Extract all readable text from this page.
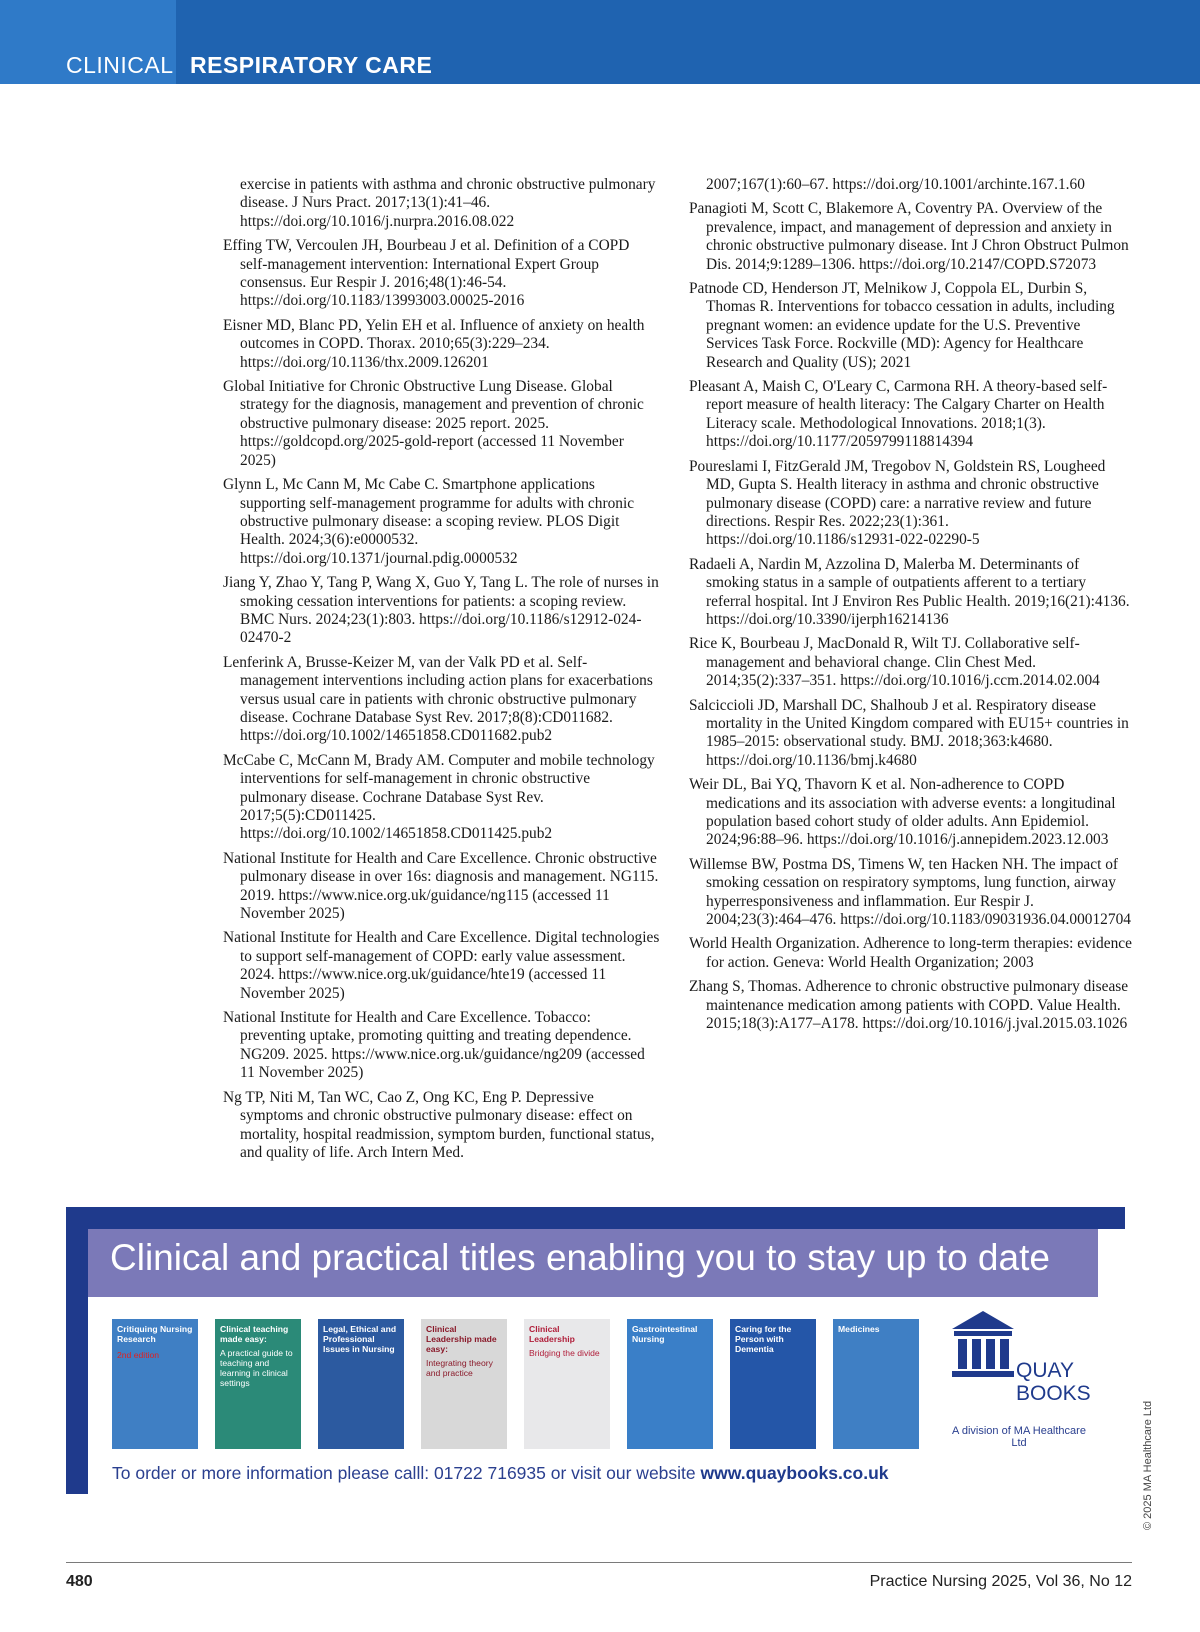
CLINICAL RESPIRATORY CARE
exercise in patients with asthma and chronic obstructive pulmonary disease. J Nurs Pract. 2017;13(1):41–46. https://doi.org/10.1016/j.nurpra.2016.08.022
Effing TW, Vercoulen JH, Bourbeau J et al. Definition of a COPD self-management intervention: International Expert Group consensus. Eur Respir J. 2016;48(1):46-54. https://doi.org/10.1183/13993003.00025-2016
Eisner MD, Blanc PD, Yelin EH et al. Influence of anxiety on health outcomes in COPD. Thorax. 2010;65(3):229–234. https://doi.org/10.1136/thx.2009.126201
Global Initiative for Chronic Obstructive Lung Disease. Global strategy for the diagnosis, management and prevention of chronic obstructive pulmonary disease: 2025 report. 2025. https://goldcopd.org/2025-gold-report (accessed 11 November 2025)
Glynn L, Mc Cann M, Mc Cabe C. Smartphone applications supporting self-management programme for adults with chronic obstructive pulmonary disease: a scoping review. PLOS Digit Health. 2024;3(6):e0000532. https://doi.org/10.1371/journal.pdig.0000532
Jiang Y, Zhao Y, Tang P, Wang X, Guo Y, Tang L. The role of nurses in smoking cessation interventions for patients: a scoping review. BMC Nurs. 2024;23(1):803. https://doi.org/10.1186/s12912-024-02470-2
Lenferink A, Brusse-Keizer M, van der Valk PD et al. Self-management interventions including action plans for exacerbations versus usual care in patients with chronic obstructive pulmonary disease. Cochrane Database Syst Rev. 2017;8(8):CD011682. https://doi.org/10.1002/14651858.CD011682.pub2
McCabe C, McCann M, Brady AM. Computer and mobile technology interventions for self-management in chronic obstructive pulmonary disease. Cochrane Database Syst Rev. 2017;5(5):CD011425. https://doi.org/10.1002/14651858.CD011425.pub2
National Institute for Health and Care Excellence. Chronic obstructive pulmonary disease in over 16s: diagnosis and management. NG115. 2019. https://www.nice.org.uk/guidance/ng115 (accessed 11 November 2025)
National Institute for Health and Care Excellence. Digital technologies to support self-management of COPD: early value assessment. 2024. https://www.nice.org.uk/guidance/hte19 (accessed 11 November 2025)
National Institute for Health and Care Excellence. Tobacco: preventing uptake, promoting quitting and treating dependence. NG209. 2025. https://www.nice.org.uk/guidance/ng209 (accessed 11 November 2025)
Ng TP, Niti M, Tan WC, Cao Z, Ong KC, Eng P. Depressive symptoms and chronic obstructive pulmonary disease: effect on mortality, hospital readmission, symptom burden, functional status, and quality of life. Arch Intern Med.
2007;167(1):60–67. https://doi.org/10.1001/archinte.167.1.60
Panagioti M, Scott C, Blakemore A, Coventry PA. Overview of the prevalence, impact, and management of depression and anxiety in chronic obstructive pulmonary disease. Int J Chron Obstruct Pulmon Dis. 2014;9:1289–1306. https://doi.org/10.2147/COPD.S72073
Patnode CD, Henderson JT, Melnikow J, Coppola EL, Durbin S, Thomas R. Interventions for tobacco cessation in adults, including pregnant women: an evidence update for the U.S. Preventive Services Task Force. Rockville (MD): Agency for Healthcare Research and Quality (US); 2021
Pleasant A, Maish C, O'Leary C, Carmona RH. A theory-based self-report measure of health literacy: The Calgary Charter on Health Literacy scale. Methodological Innovations. 2018;1(3). https://doi.org/10.1177/2059799118814394
Poureslami I, FitzGerald JM, Tregobov N, Goldstein RS, Lougheed MD, Gupta S. Health literacy in asthma and chronic obstructive pulmonary disease (COPD) care: a narrative review and future directions. Respir Res. 2022;23(1):361. https://doi.org/10.1186/s12931-022-02290-5
Radaeli A, Nardin M, Azzolina D, Malerba M. Determinants of smoking status in a sample of outpatients afferent to a tertiary referral hospital. Int J Environ Res Public Health. 2019;16(21):4136. https://doi.org/10.3390/ijerph16214136
Rice K, Bourbeau J, MacDonald R, Wilt TJ. Collaborative self-management and behavioral change. Clin Chest Med. 2014;35(2):337–351. https://doi.org/10.1016/j.ccm.2014.02.004
Salciccioli JD, Marshall DC, Shalhoub J et al. Respiratory disease mortality in the United Kingdom compared with EU15+ countries in 1985–2015: observational study. BMJ. 2018;363:k4680. https://doi.org/10.1136/bmj.k4680
Weir DL, Bai YQ, Thavorn K et al. Non-adherence to COPD medications and its association with adverse events: a longitudinal population based cohort study of older adults. Ann Epidemiol. 2024;96:88–96. https://doi.org/10.1016/j.annepidem.2023.12.003
Willemse BW, Postma DS, Timens W, ten Hacken NH. The impact of smoking cessation on respiratory symptoms, lung function, airway hyperresponsiveness and inflammation. Eur Respir J. 2004;23(3):464–476. https://doi.org/10.1183/09031936.04.00012704
World Health Organization. Adherence to long-term therapies: evidence for action. Geneva: World Health Organization; 2003
Zhang S, Thomas. Adherence to chronic obstructive pulmonary disease maintenance medication among patients with COPD. Value Health. 2015;18(3):A177–A178. https://doi.org/10.1016/j.jval.2015.03.1026
Clinical and practical titles enabling you to stay up to date
Critiquing Nursing Research
2nd edition
Clinical teaching made easy:
A practical guide to teaching and learning in clinical settings
Legal, Ethical and Professional Issues in Nursing
Clinical Leadership made easy:
Integrating theory and practice
Clinical Leadership
Bridging the divide
Gastrointestinal Nursing
Caring for the Person with Dementia
Medicines
QUAY
BOOKS
A division of MA Healthcare Ltd
To order or more information please calll: 01722 716935 or visit our website www.quaybooks.co.uk	© 2025 MA Healthcare Ltd
480	Practice Nursing 2025, Vol 36, No 12
